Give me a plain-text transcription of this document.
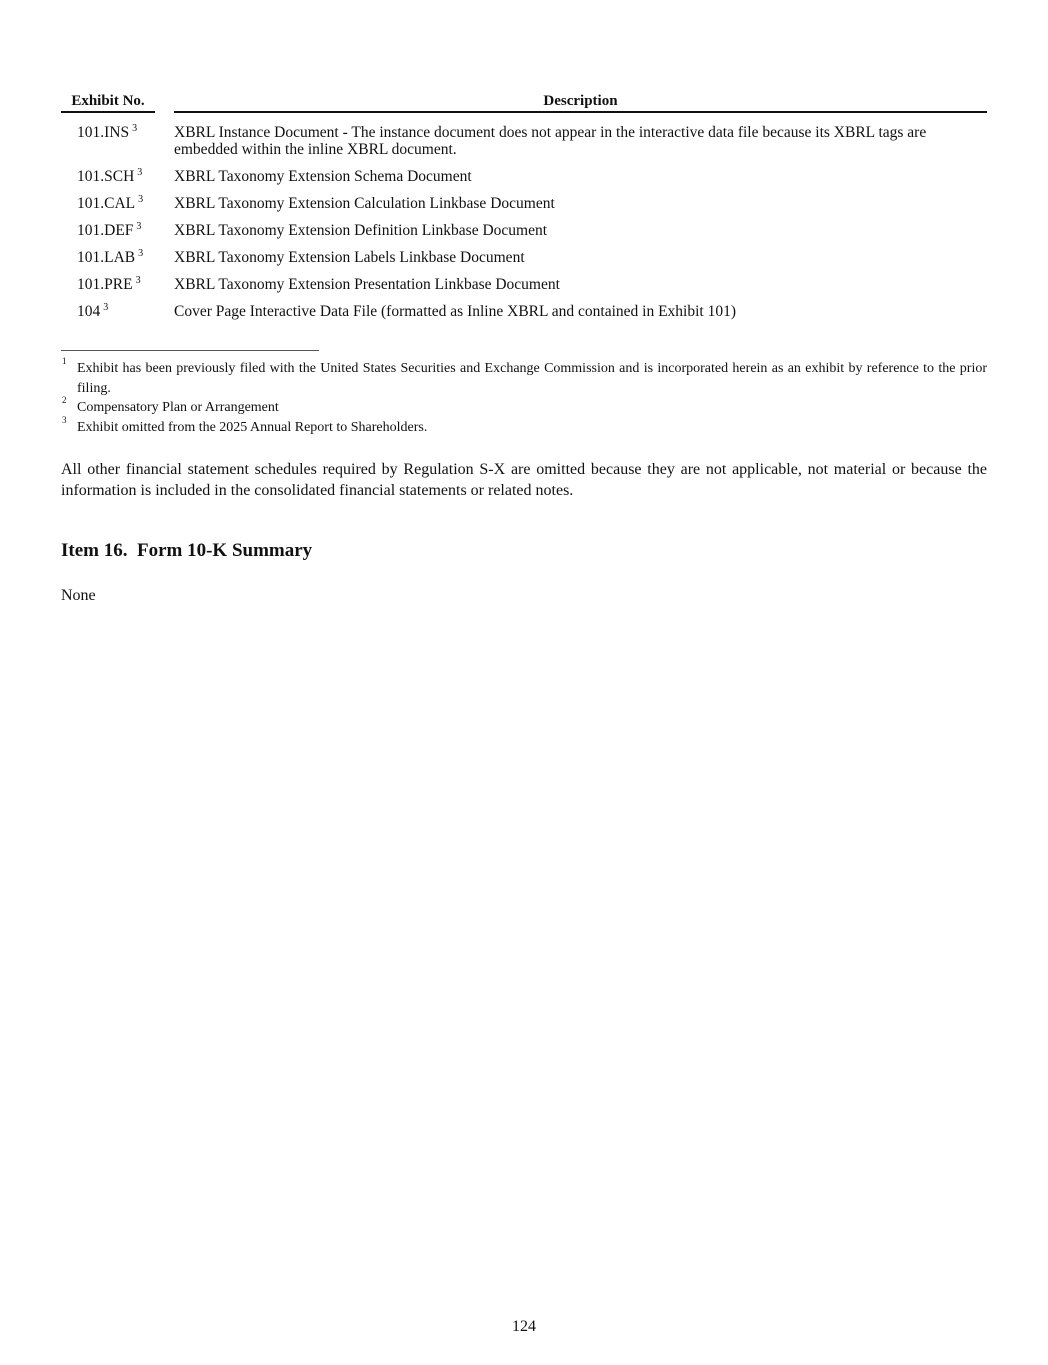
Exhibit No.		Description
101.INS $^3$		XBRL Instance Document - The instance document does not appear in the interactive data file because its XBRL tags are embedded within the inline XBRL document.
101.SCH $^3$		XBRL Taxonomy Extension Schema Document
101.CAL $^3$		XBRL Taxonomy Extension Calculation Linkbase Document
101.DEF $^3$		XBRL Taxonomy Extension Definition Linkbase Document
101.LAB $^3$		XBRL Taxonomy Extension Labels Linkbase Document
101.PRE $^3$		XBRL Taxonomy Extension Presentation Linkbase Document
104 $^3$		Cover Page Interactive Data File (formatted as Inline XBRL and contained in Exhibit 101)
1 Exhibit has been previously filed with the United States Securities and Exchange Commission and is incorporated herein as an exhibit by reference to the prior filing.
2 Compensatory Plan or Arrangement
3 Exhibit omitted from the 2025 Annual Report to Shareholders.

All other financial statement schedules required by Regulation S-X are omitted because they are not applicable, not material or because the information is included in the consolidated financial statements or related notes.

Item 16.  Form 10-K Summary

None

124
